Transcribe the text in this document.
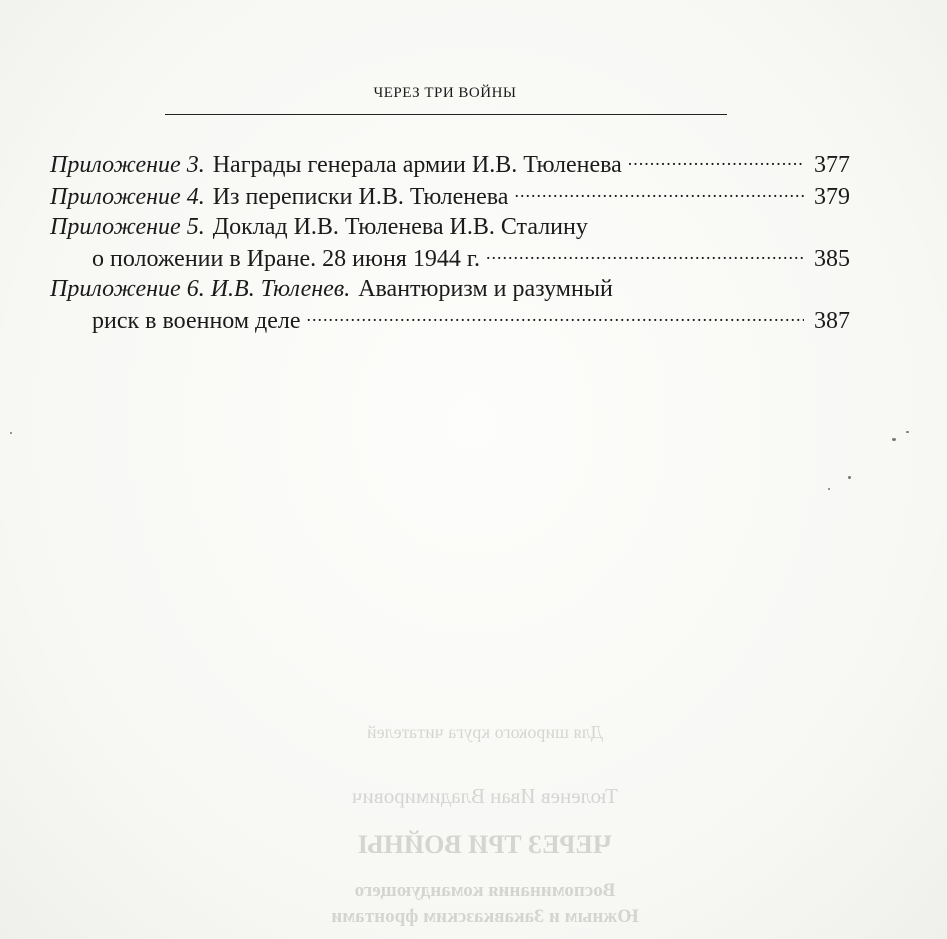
ЧЕРЕЗ ТРИ ВОЙНЫ
Приложение 3. Награды генерала армии И.В. Тюленева .....	377
Приложение 4. Из переписки И.В. Тюленева .....	379
Приложение 5. Доклад И.В. Тюленева И.В. Сталину
о положении в Иране. 28 июня 1944 г. .....	385
Приложение 6. И.В. Тюленев. Авантюризм и разумный
риск в военном деле .....	387
Для широкого круга читателей
Тюленев Иван Владимирович
ЧЕРЕЗ ТРИ ВОЙНЫ
Воспоминания командующего
Южным и Закавказским фронтами
